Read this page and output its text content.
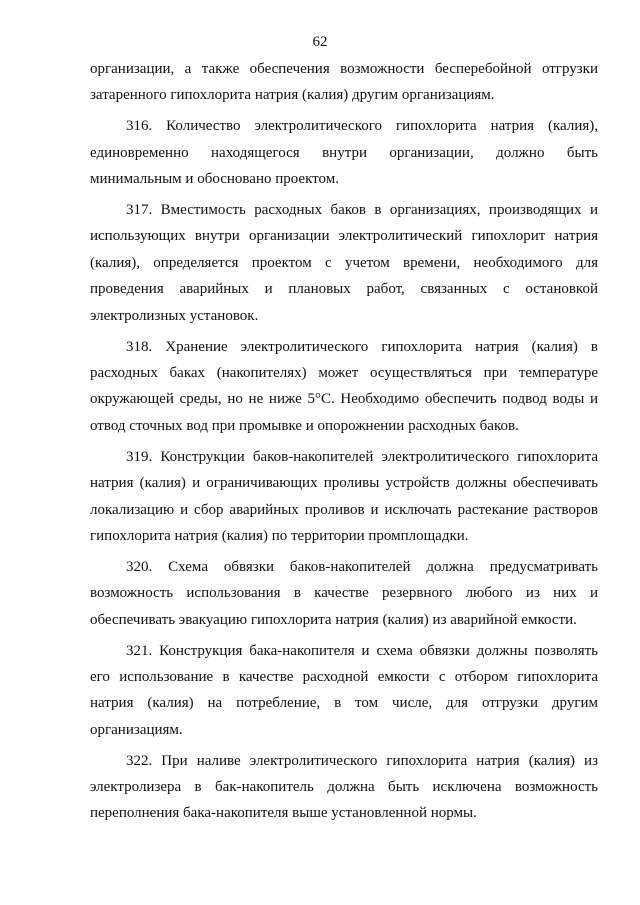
62

организации, а также обеспечения возможности бесперебойной отгрузки затаренного гипохлорита натрия (калия) другим организациям.

316. Количество электролитического гипохлорита натрия (калия), единовременно находящегося внутри организации, должно быть минимальным и обоснованo проектом.

317. Вместимость расходных баков в организациях, производящих и использующих внутри организации электролитический гипохлорит натрия (калия), определяется проектом с учетом времени, необходимого для проведения аварийных и плановых работ, связанных с остановкой электролизных установок.

318. Хранение электролитического гипохлорита натрия (калия) в расходных баках (накопителях) может осуществляться при температуре окружающей среды, но не ниже 5°С. Необходимо обеспечить подвод воды и отвод сточных вод при промывке и опорожнении расходных баков.

319. Конструкции баков-накопителей электролитического гипохлорита натрия (калия) и ограничивающих проливы устройств должны обеспечивать локализацию и сбор аварийных проливов и исключать растекание растворов гипохлорита натрия (калия) по территории промплощадки.

320. Схема обвязки баков-накопителей должна предусматривать возможность использования в качестве резервного любого из них и обеспечивать эвакуацию гипохлорита натрия (калия) из аварийной емкости.

321. Конструкция бака-накопителя и схема обвязки должны позволять его использование в качестве расходной емкости с отбором гипохлорита натрия (калия) на потребление, в том числе, для отгрузки другим организациям.

322. При наливе электролитического гипохлорита натрия (калия) из электролизера в бак-накопитель должна быть исключена возможность переполнения бака-накопителя выше установленной нормы.
